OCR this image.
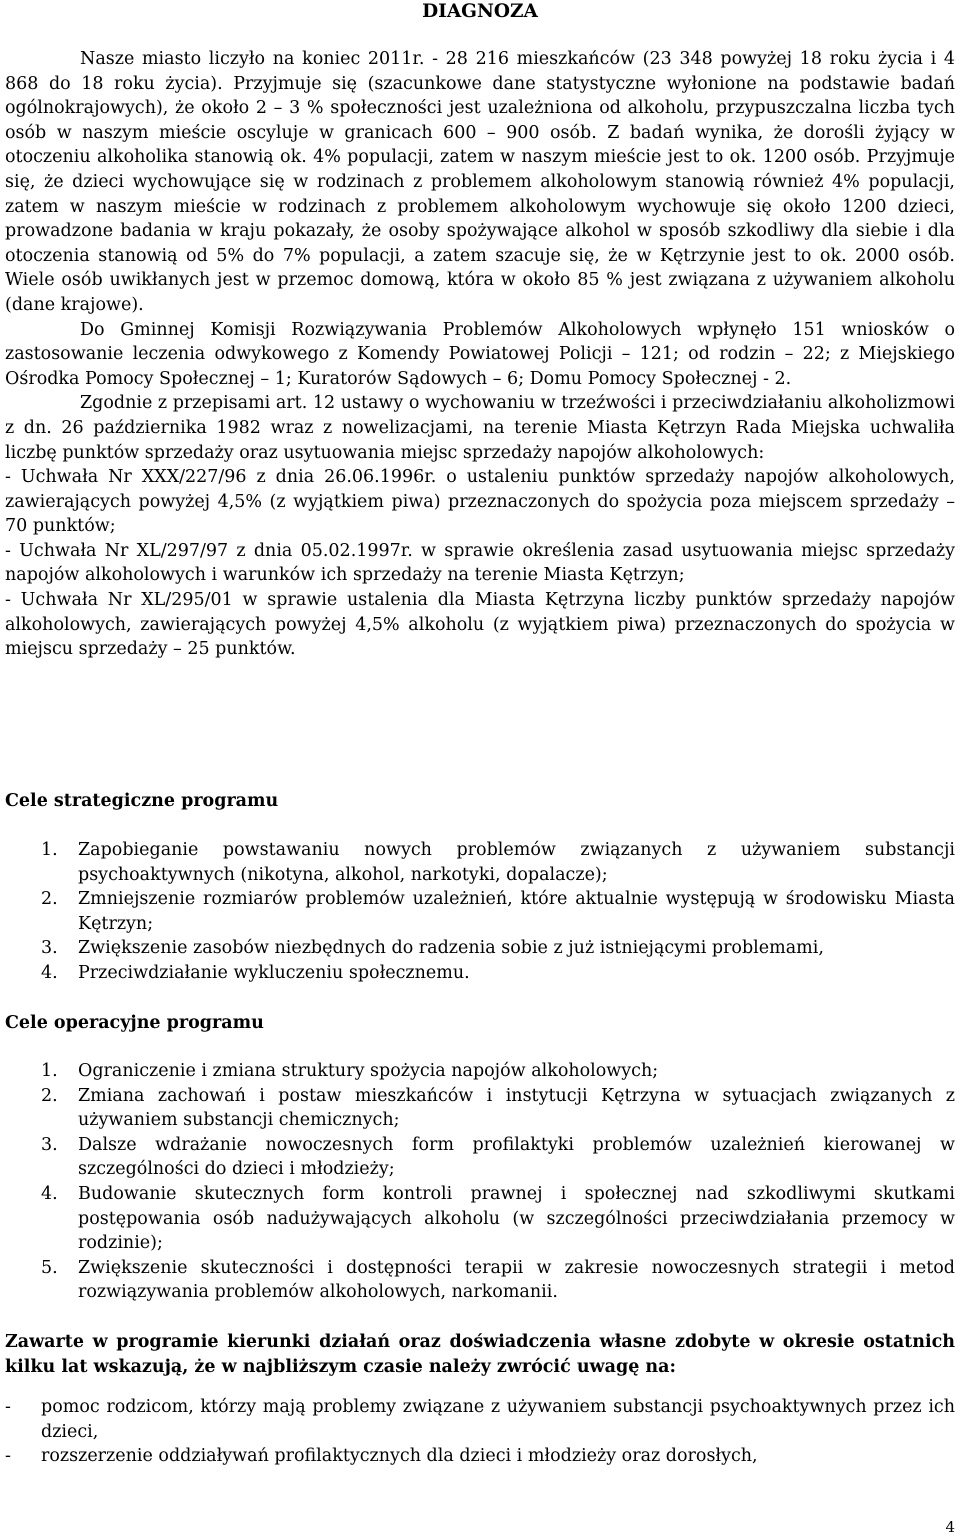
DIAGNOZA

Nasze miasto liczyło na koniec 2011r. - 28 216 mieszkańców (23 348 powyżej 18 roku życia i 4 868 do 18 roku życia). Przyjmuje się (szacunkowe dane statystyczne wyłonione na podstawie badań ogólnokrajowych), że około 2 – 3 % społeczności jest uzależniona od alkoholu, przypuszczalna liczba tych osób w naszym mieście oscyluje w granicach 600 – 900 osób. Z badań wynika, że dorośli żyjący w otoczeniu alkoholika stanowią ok. 4% populacji, zatem w naszym mieście jest to ok. 1200 osób. Przyjmuje się, że dzieci wychowujące się w rodzinach z problemem alkoholowym stanowią również 4% populacji, zatem w naszym mieście w rodzinach z problemem alkoholowym wychowuje się około 1200 dzieci, prowadzone badania w kraju pokazały, że osoby spożywające alkohol w sposób szkodliwy dla siebie i dla otoczenia stanowią od 5% do 7% populacji, a zatem szacuje się, że w Kętrzynie jest to ok. 2000 osób. Wiele osób uwikłanych jest w przemoc domową, która w około 85 % jest związana z używaniem alkoholu (dane krajowe).

Do Gminnej Komisji Rozwiązywania Problemów Alkoholowych wpłynęło 151 wniosków o zastosowanie leczenia odwykowego z Komendy Powiatowej Policji – 121; od rodzin – 22; z Miejskiego Ośrodka Pomocy Społecznej – 1; Kuratorów Sądowych – 6; Domu Pomocy Społecznej - 2.

Zgodnie z przepisami art. 12 ustawy o wychowaniu w trzeźwości i przeciwdziałaniu alkoholizmowi z dn. 26 października 1982 wraz z nowelizacjami, na terenie Miasta Kętrzyn Rada Miejska uchwaliła liczbę punktów sprzedaży oraz usytuowania miejsc sprzedaży napojów alkoholowych:

- Uchwała Nr XXX/227/96 z dnia 26.06.1996r. o ustaleniu punktów sprzedaży napojów alkoholowych, zawierających powyżej 4,5% (z wyjątkiem piwa) przeznaczonych do spożycia poza miejscem sprzedaży – 70 punktów;

- Uchwała Nr XL/297/97 z dnia 05.02.1997r. w sprawie określenia zasad usytuowania miejsc sprzedaży napojów alkoholowych i warunków ich sprzedaży na terenie Miasta Kętrzyn;

- Uchwała Nr XL/295/01 w sprawie ustalenia dla Miasta Kętrzyna liczby punktów sprzedaży napojów alkoholowych, zawierających powyżej 4,5% alkoholu (z wyjątkiem piwa) przeznaczonych do spożycia w miejscu sprzedaży – 25 punktów.

Cele strategiczne programu

1. Zapobieganie powstawaniu nowych problemów związanych z używaniem substancji psychoaktywnych (nikotyna, alkohol, narkotyki, dopalacze);
2. Zmniejszenie rozmiarów problemów uzależnień, które aktualnie występują w środowisku Miasta Kętrzyn;
3. Zwiększenie zasobów niezbędnych do radzenia sobie z już istniejącymi problemami,
4. Przeciwdziałanie wykluczeniu społecznemu.

Cele operacyjne programu

1. Ograniczenie i zmiana struktury spożycia napojów alkoholowych;
2. Zmiana zachowań i postaw mieszkańców i instytucji Kętrzyna w sytuacjach związanych z używaniem substancji chemicznych;
3. Dalsze wdrażanie nowoczesnych form profilaktyki problemów uzależnień kierowanej w szczególności do dzieci i młodzieży;
4. Budowanie skutecznych form kontroli prawnej i społecznej nad szkodliwymi skutkami postępowania osób nadużywających alkoholu (w szczególności przeciwdziałania przemocy w rodzinie);
5. Zwiększenie skuteczności i dostępności terapii w zakresie nowoczesnych strategii i metod rozwiązywania problemów alkoholowych, narkomanii.

Zawarte w programie kierunki działań oraz doświadczenia własne zdobyte w okresie ostatnich kilku lat wskazują, że w najbliższym czasie należy zwrócić uwagę na:

- pomoc rodzicom, którzy mają problemy związane z używaniem substancji psychoaktywnych przez ich dzieci,
- rozszerzenie oddziaływań profilaktycznych dla dzieci i młodzieży oraz dorosłych,
4
